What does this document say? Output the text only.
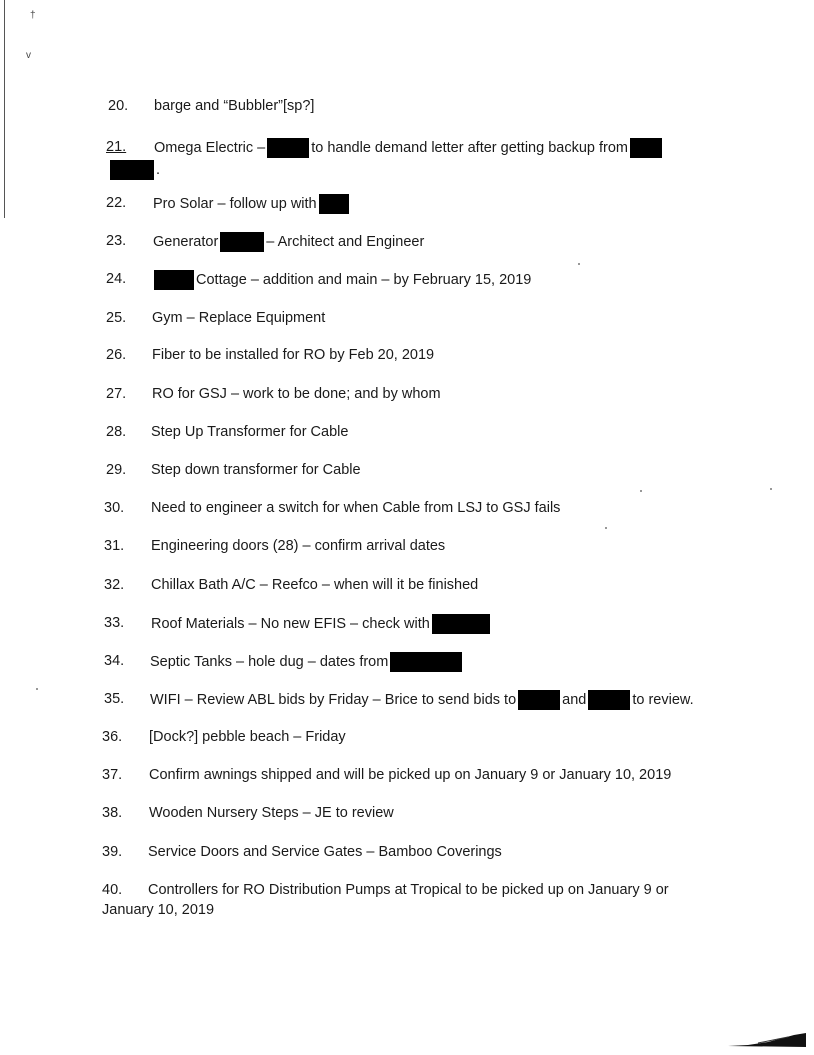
†
v
20. barge and “Bubbler”[sp?]
21. Omega Electric –	to handle demand letter after getting backup from
.
22. Pro Solar – follow up with
23. Generator	– Architect and Engineer
24.	Cottage – addition and main – by February 15, 2019
25. Gym – Replace Equipment
26. Fiber to be installed for RO by Feb 20, 2019
27. RO for GSJ – work to be done; and by whom
28. Step Up Transformer for Cable
29. Step down transformer for Cable
30. Need to engineer a switch for when Cable from LSJ to GSJ fails
31. Engineering doors (28) – confirm arrival dates
32. Chillax Bath A/C – Reefco – when will it be finished
33. Roof Materials – No new EFIS – check with
34. Septic Tanks – hole dug – dates from
35. WIFI – Review ABL bids by Friday – Brice to send bids to	and	to review.
36. [Dock?] pebble beach – Friday
37. Confirm awnings shipped and will be picked up on January 9 or January 10, 2019
38. Wooden Nursery Steps – JE to review
39. Service Doors and Service Gates – Bamboo Coverings
40. Controllers for RO Distribution Pumps at Tropical to be picked up on January 9 or
January 10, 2019
